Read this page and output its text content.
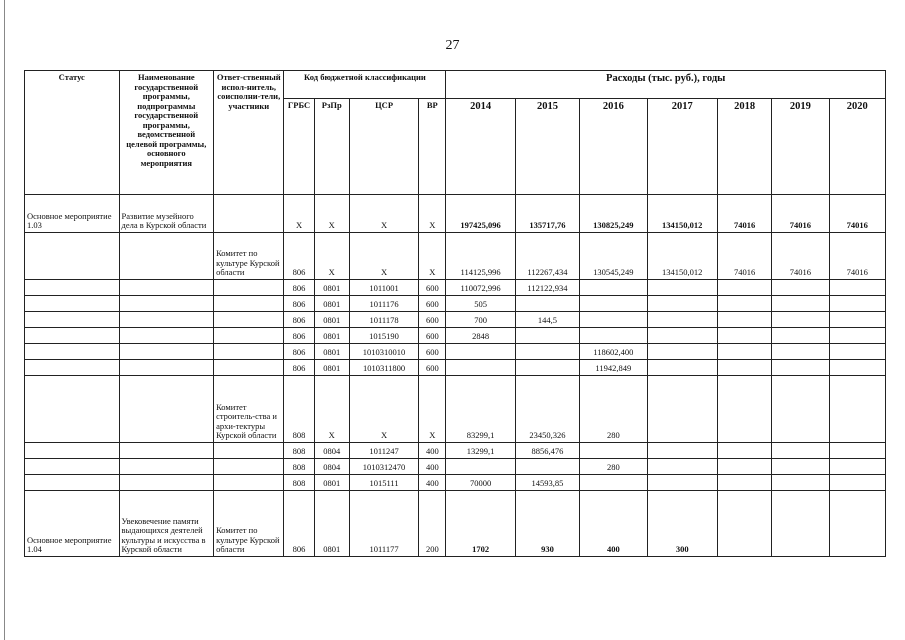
27
Статус	Наименование государственной программы, подпрограммы государственной программы, ведомственной целевой программы, основного мероприятия	Ответ-ственный испол-нитель, соисполни-тели, участники	Код бюджетной классификации				Расходы (тыс. руб.), годы						
			ГРБС	РзПр	ЦСР	ВР	2014	2015	2016	2017	2018	2019	2020
Основное мероприятие 1.03	Развитие музейного дела в Курской области		Х	Х	Х	Х	197425,096	135717,76	130825,249	134150,012	74016	74016	74016
		Комитет по культуре Курской области	806	Х	Х	Х	114125,996	112267,434	130545,249	134150,012	74016	74016	74016
			806	0801	1011001	600	110072,996	112122,934					
			806	0801	1011176	600	505						
			806	0801	1011178	600	700	144,5					
			806	0801	1015190	600	2848						
			806	0801	1010310010	600			118602,400				
			806	0801	1010311800	600			11942,849				
		Комитет строитель-ства и архи-тектуры Курской области	808	Х	Х	Х	83299,1	23450,326	280				
			808	0804	1011247	400	13299,1	8856,476					
			808	0804	1010312470	400			280				
			808	0801	1015111	400	70000	14593,85					
Основное мероприятие 1.04	Увековечение памяти выдающихся деятелей культуры и искусства в Курской области	Комитет по культуре Курской области	806	0801	1011177	200	1702	930	400	300			
